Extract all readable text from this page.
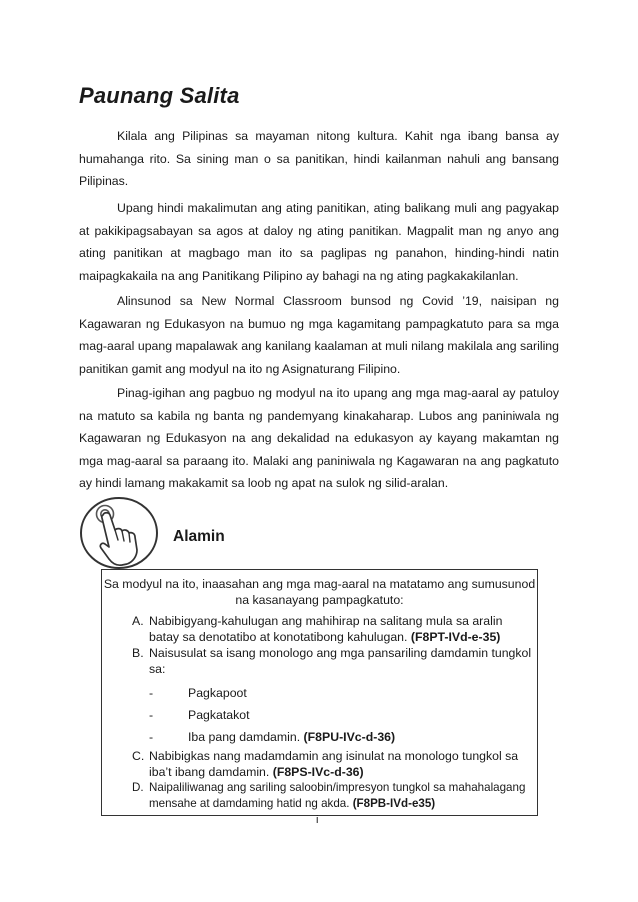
Paunang Salita

Kilala ang Pilipinas sa mayaman nitong kultura. Kahit nga ibang bansa ay humahanga rito. Sa sining man o sa panitikan, hindi kailanman nahuli ang bansang Pilipinas.

Upang hindi makalimutan ang ating panitikan, ating balikang muli ang pagyakap at pakikipagsabayan sa agos at daloy ng ating panitikan. Magpalit man ng anyo ang ating panitikan at magbago man ito sa paglipas ng panahon, hinding-hindi natin maipagkakaila na ang Panitikang Pilipino ay bahagi na ng ating pagkakakilanlan.

Alinsunod sa New Normal Classroom bunsod ng Covid ’19, naisipan ng Kagawaran ng Edukasyon na bumuo ng mga kagamitang pampagkatuto para sa mga mag-aaral upang mapalawak ang kanilang kaalaman at muli nilang makilala ang sariling panitikan gamit ang modyul na ito ng Asignaturang Filipino.

Pinag-igihan ang pagbuo ng modyul na ito upang ang mga mag-aaral ay patuloy na matuto sa kabila ng banta ng pandemyang kinakaharap. Lubos ang paniniwala ng Kagawaran ng Edukasyon na ang dekalidad na edukasyon ay kayang makamtan ng mga mag-aaral sa paraang ito. Malaki ang paniniwala ng Kagawaran na ang pagkatuto ay hindi lamang makakamit sa loob ng apat na sulok ng silid-aralan.

Alamin

Sa modyul na ito, inaasahan ang mga mag-aaral na matatamo ang sumusunod na kasanayang pampagkatuto:

A. Nabibigyang-kahulugan ang mahihirap na salitang mula sa aralin batay sa denotatibo at konotatibong kahulugan. (F8PT-IVd-e-35)
B. Naisusulat sa isang monologo ang mga pansariling damdamin tungkol sa:
-	Pagkapoot
-	Pagkatakot
-	Iba pang damdamin. (F8PU-IVc-d-36)
C. Nabibigkas nang madamdamin ang isinulat na monologo tungkol sa iba’t ibang damdamin. (F8PS-IVc-d-36)
D. Naipaliliwanag ang sariling saloobin/impresyon tungkol sa mahahalagang mensahe at damdaming hatid ng akda. (F8PB-IVd-e35)
i
